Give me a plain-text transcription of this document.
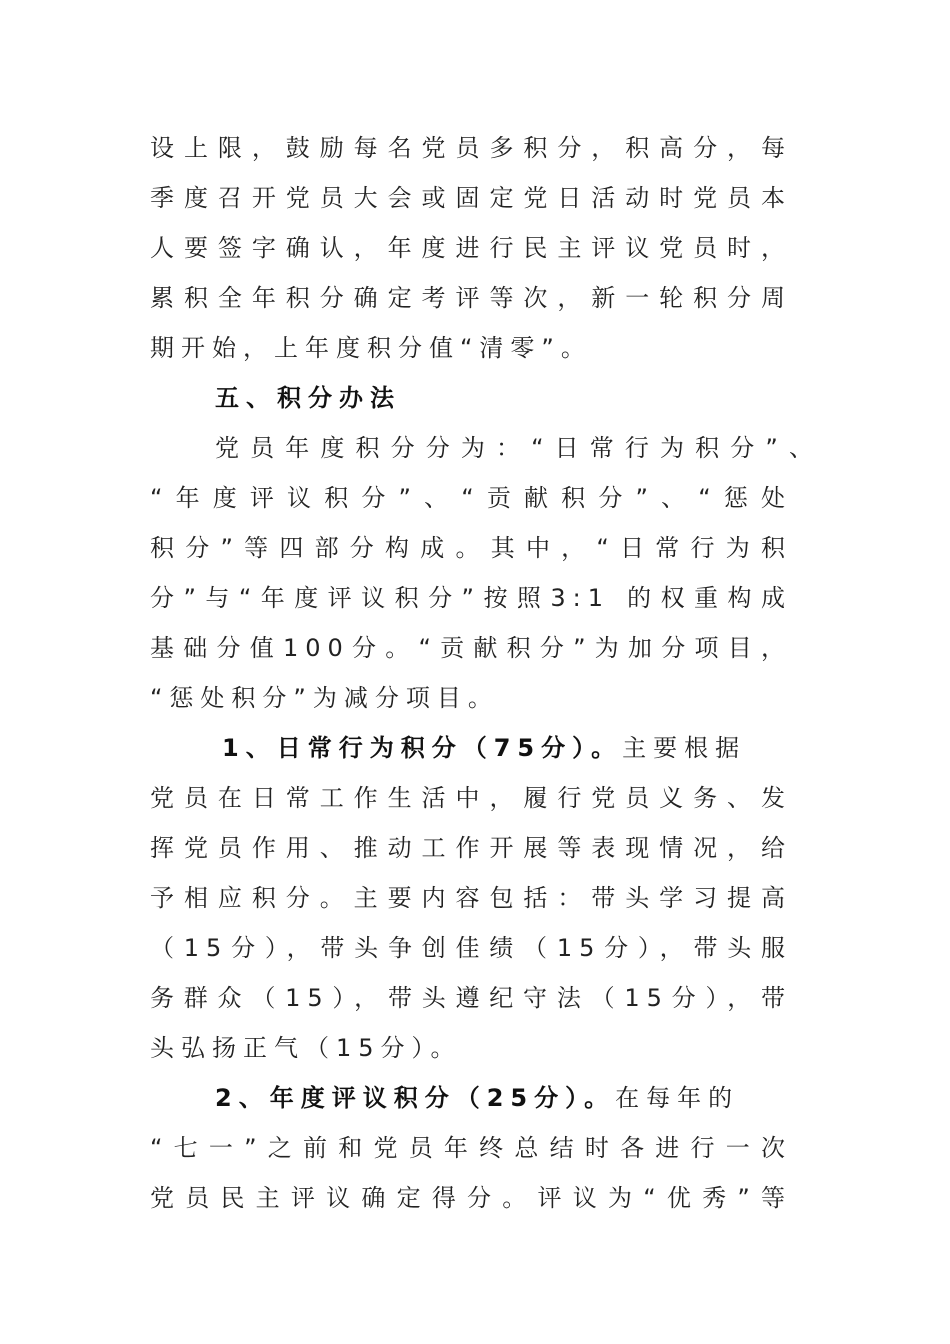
设上限，鼓励每名党员多积分，积高分，每
季度召开党员大会或固定党日活动时党员本
人要签字确认，年度进行民主评议党员时，
累积全年积分确定考评等次，新一轮积分周
期开始，上年度积分值“清零”。
五、积分办法
党员年度积分分为：“日常行为积分”、
“年度评议积分”、“贡献积分”、“惩处
积分”等四部分构成。其中，“日常行为积
分”与“年度评议积分”按照3:1 的权重构成
基础分值100分。“贡献积分”为加分项目，
“惩处积分”为减分项目。
1、日常行为积分（75分）。主要根据
党员在日常工作生活中，履行党员义务、发
挥党员作用、推动工作开展等表现情况，给
予相应积分。主要内容包括：带头学习提高
（15分），带头争创佳绩（15分），带头服
务群众（15），带头遵纪守法（15分），带
头弘扬正气（15分）。
2、年度评议积分（25分）。在每年的
“七一”之前和党员年终总结时各进行一次
党员民主评议确定得分。评议为“优秀”等
